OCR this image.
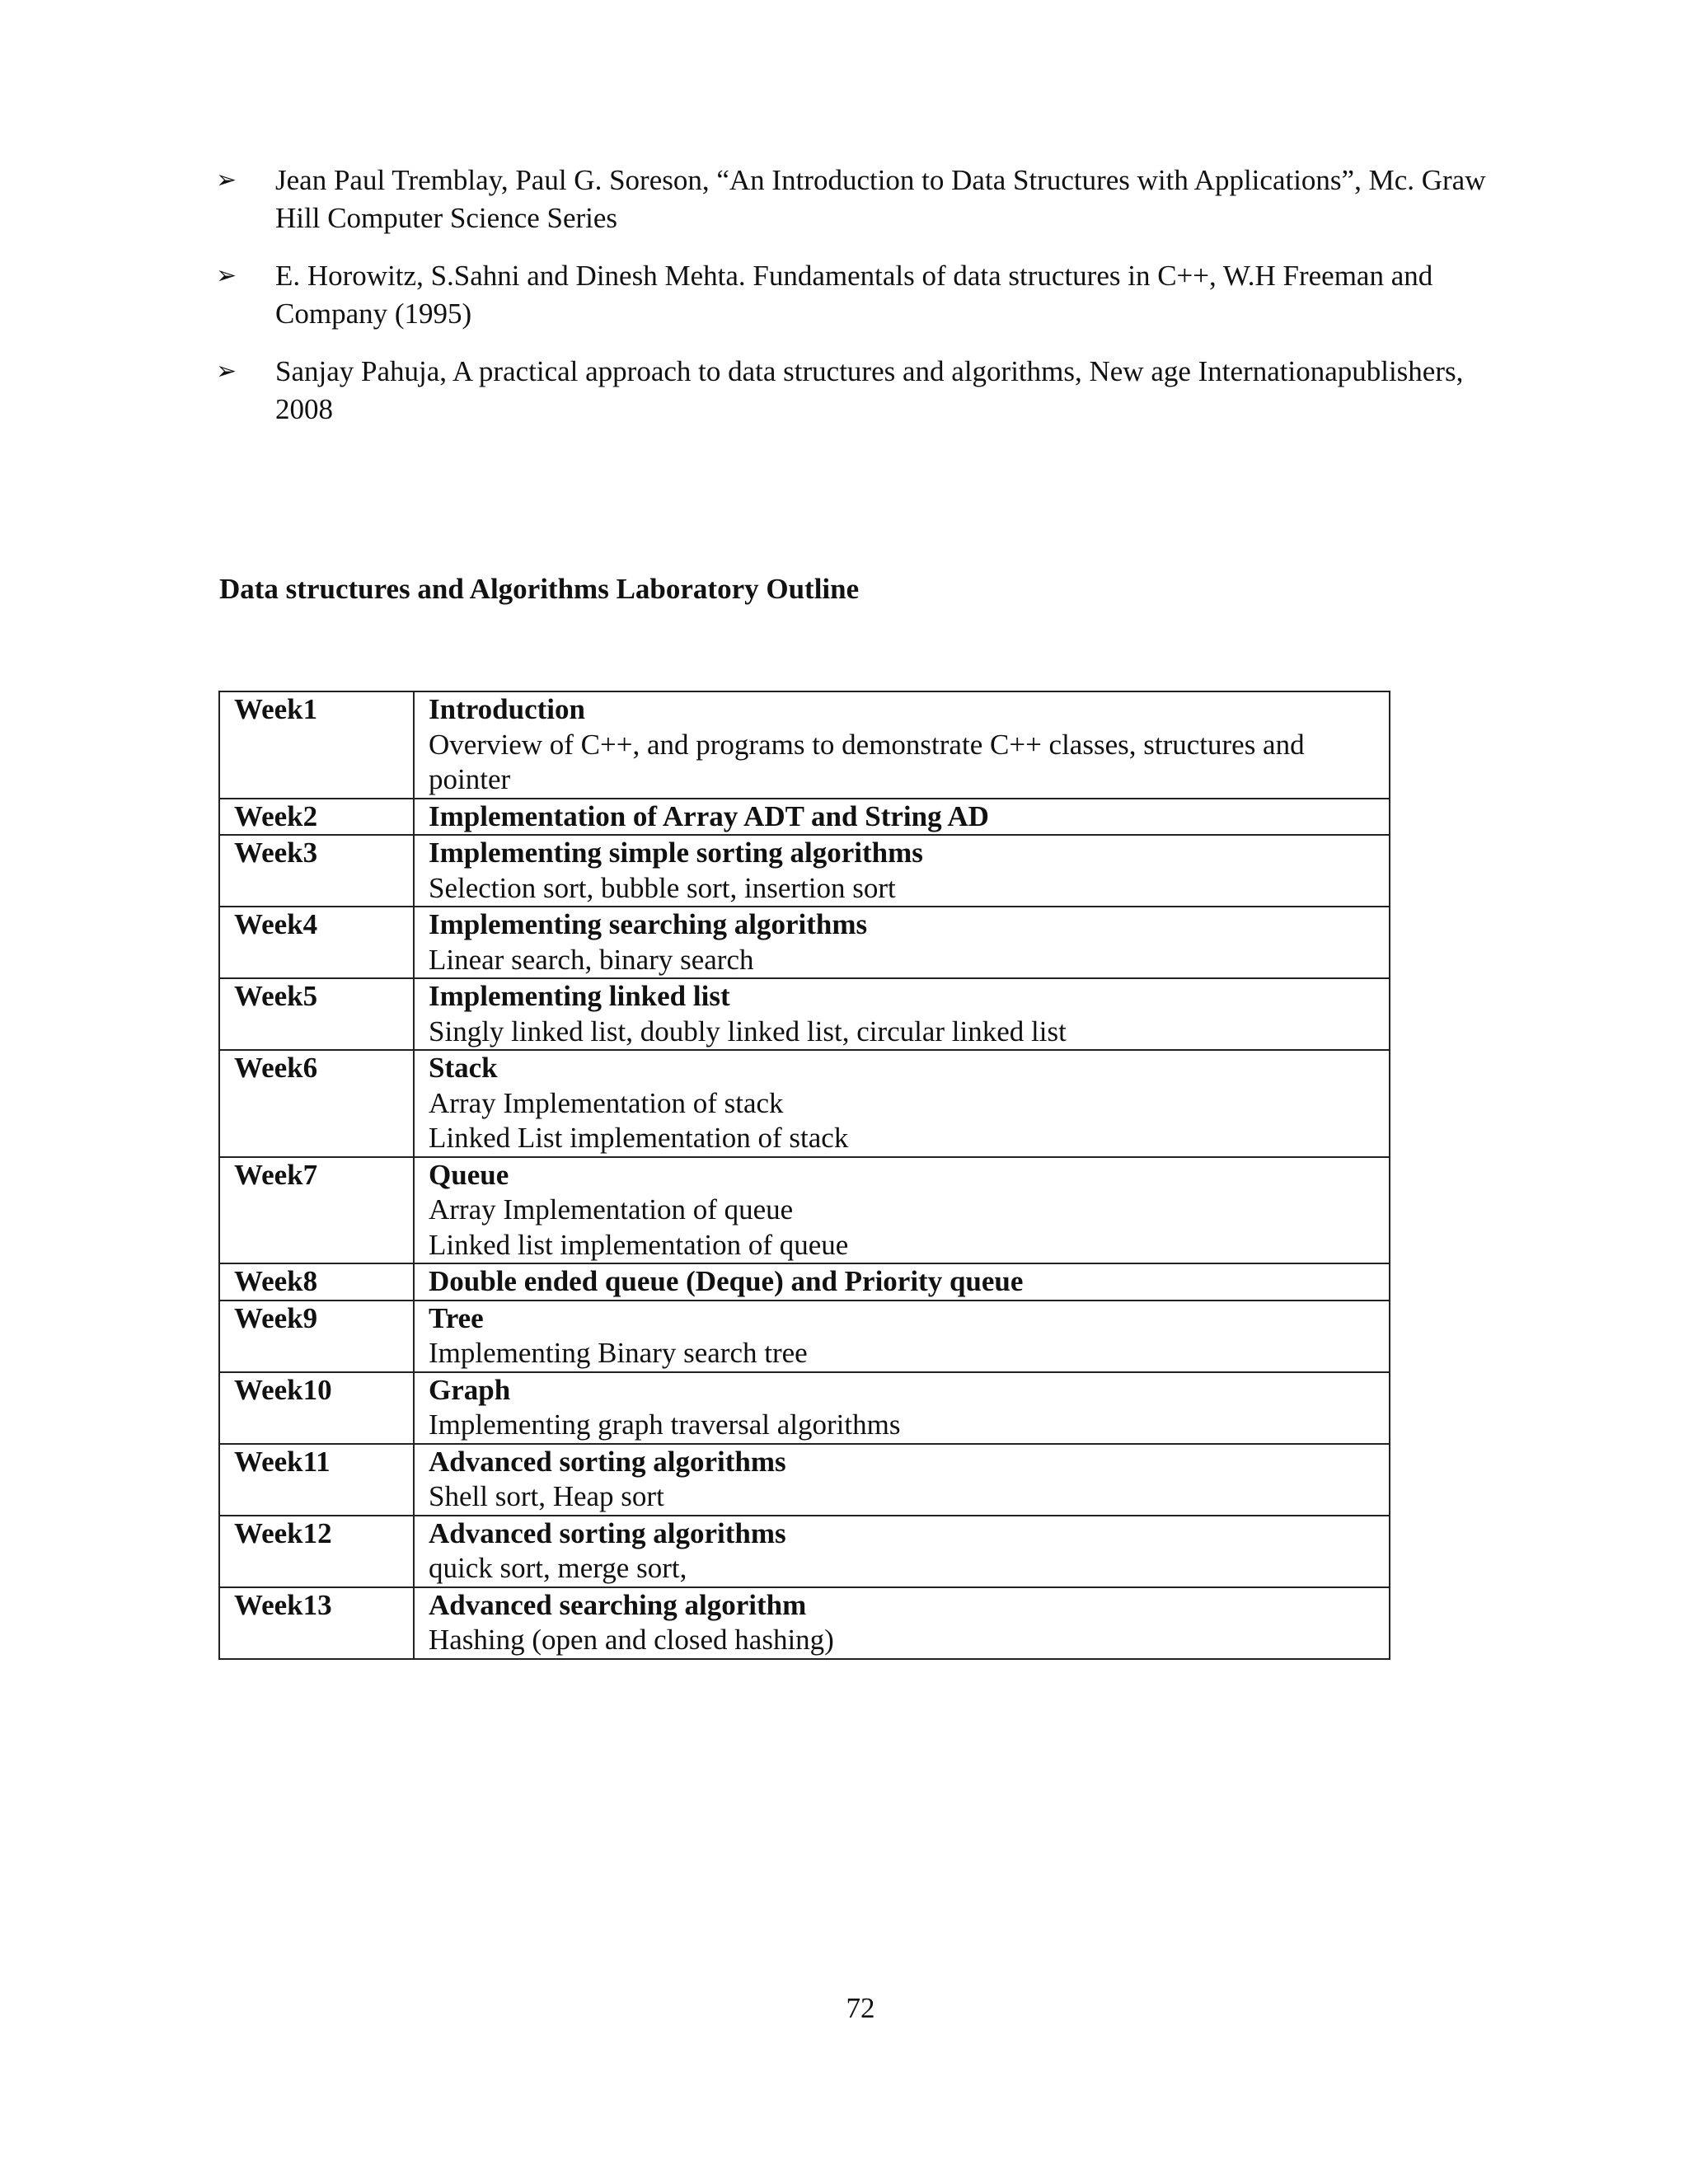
➢ Jean Paul Tremblay, Paul G. Soreson, “An Introduction to Data Structures with Applications”, Mc. Graw Hill Computer Science Series
➢ E. Horowitz, S.Sahni and Dinesh Mehta. Fundamentals of data structures in C++, W.H Freeman and Company (1995)
➢ Sanjay Pahuja, A practical approach to data structures and algorithms, New age Internationapublishers, 2008
Data structures and Algorithms Laboratory Outline
Week1	Introduction
Overview of C++, and programs to demonstrate C++ classes, structures and pointer

Week2	Implementation of Array ADT and String AD

Week3	Implementing simple sorting algorithms
Selection sort, bubble sort, insertion sort

Week4	Implementing searching algorithms
Linear search, binary search

Week5	Implementing linked list
Singly linked list, doubly linked list, circular linked list

Week6	Stack
Array Implementation of stack
Linked List implementation of stack

Week7	Queue
Array Implementation of queue
Linked list implementation of queue

Week8	Double ended queue (Deque) and Priority queue

Week9	Tree
Implementing Binary search tree

Week10	Graph
Implementing graph traversal algorithms

Week11	Advanced sorting algorithms
Shell sort, Heap sort

Week12	Advanced sorting algorithms
quick sort, merge sort,

Week13	Advanced searching algorithm
Hashing (open and closed hashing)
72
